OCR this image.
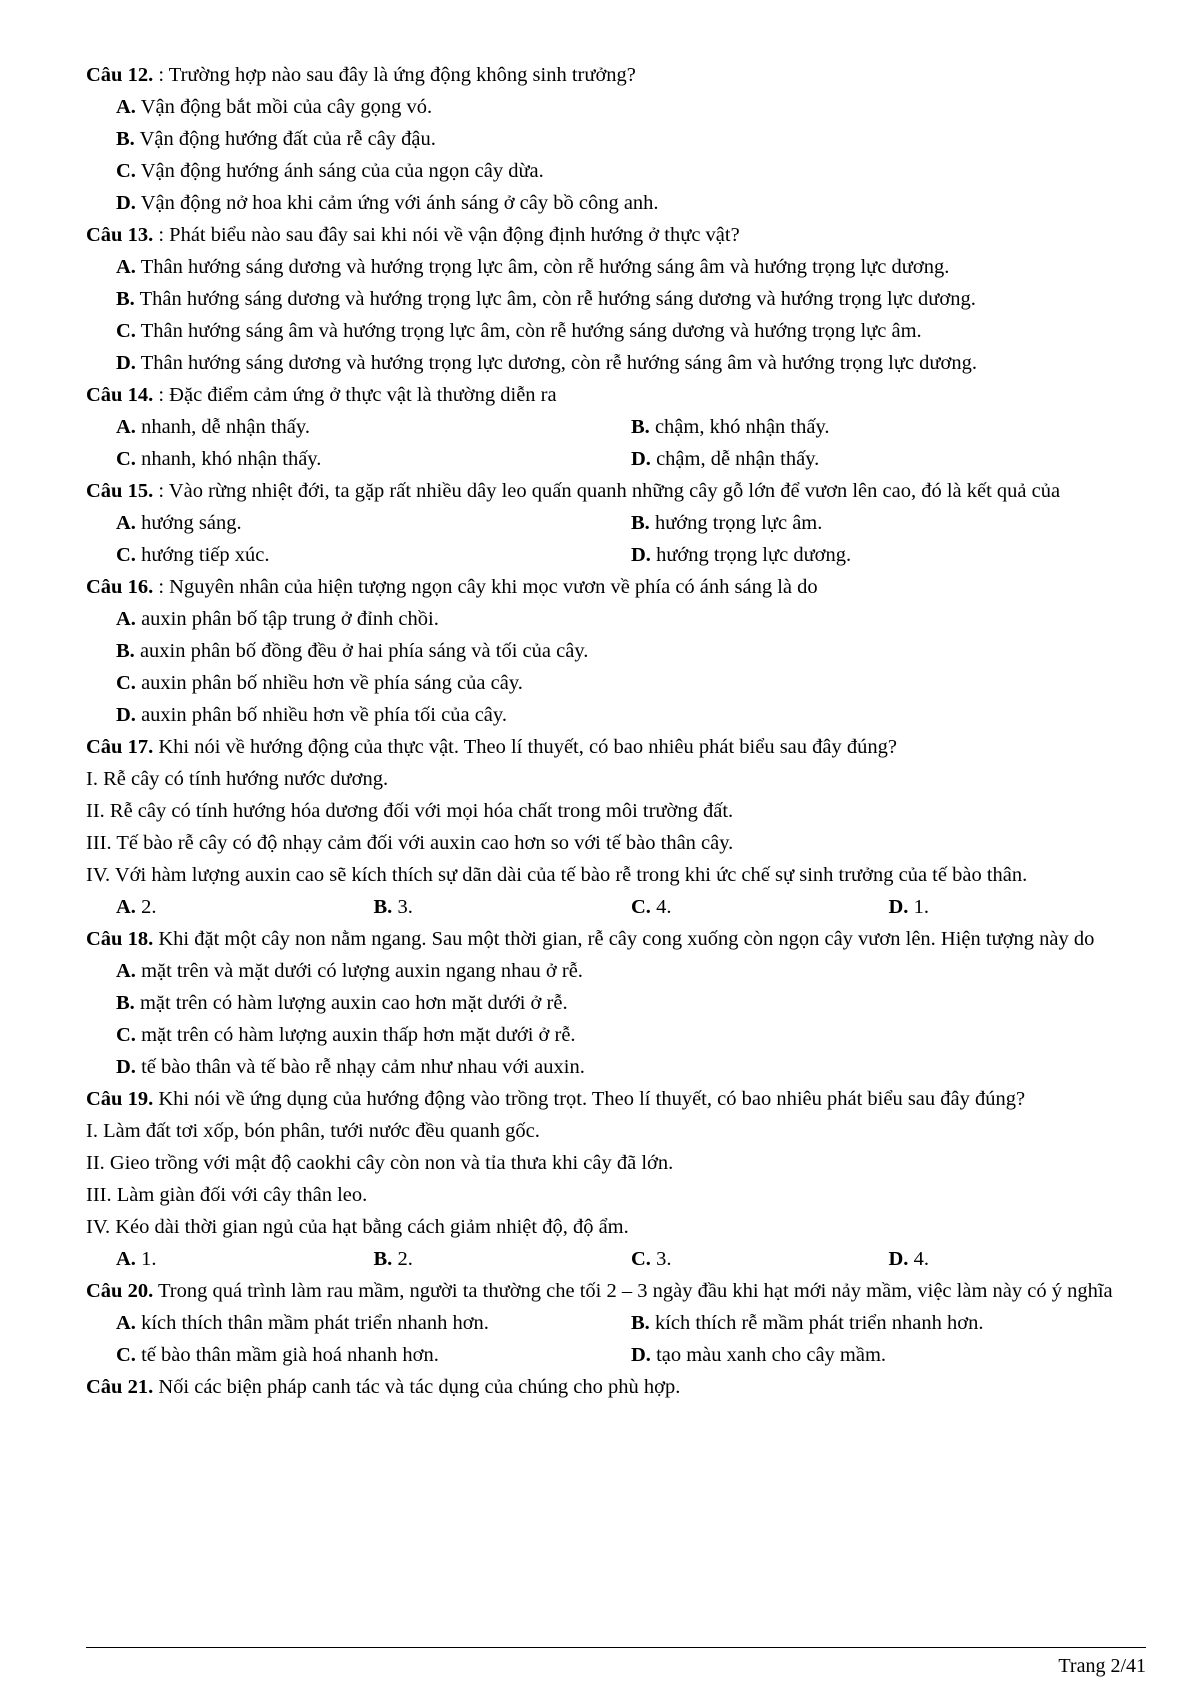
Câu 12. : Trường hợp nào sau đây là ứng động không sinh trưởng?
A. Vận động bắt mồi của cây gọng vó.
B. Vận động hướng đất của rễ cây đậu.
C. Vận động hướng ánh sáng của của ngọn cây dừa.
D. Vận động nở hoa khi cảm ứng với ánh sáng ở cây bồ công anh.
Câu 13. : Phát biểu nào sau đây sai khi nói về vận động định hướng ở thực vật?
A. Thân hướng sáng dương và hướng trọng lực âm, còn rễ hướng sáng âm và hướng trọng lực dương.
B. Thân hướng sáng dương và hướng trọng lực âm, còn rễ hướng sáng dương và hướng trọng lực dương.
C. Thân hướng sáng âm và hướng trọng lực âm, còn rễ hướng sáng dương và hướng trọng lực âm.
D. Thân hướng sáng dương và hướng trọng lực dương, còn rễ hướng sáng âm và hướng trọng lực dương.
Câu 14. : Đặc điểm cảm ứng ở thực vật là thường diễn ra
A. nhanh, dễ nhận thấy.	B. chậm, khó nhận thấy.
C. nhanh, khó nhận thấy.	D. chậm, dễ nhận thấy.
Câu 15. : Vào rừng nhiệt đới, ta gặp rất nhiều dây leo quấn quanh những cây gỗ lớn để vươn lên cao, đó là kết quả của
A. hướng sáng.	B. hướng trọng lực âm.
C. hướng tiếp xúc.	D. hướng trọng lực dương.
Câu 16. : Nguyên nhân của hiện tượng ngọn cây khi mọc vươn về phía có ánh sáng là do
A. auxin phân bố tập trung ở đỉnh chồi.
B. auxin phân bố đồng đều ở hai phía sáng và tối của cây.
C. auxin phân bố nhiều hơn về phía sáng của cây.
D. auxin phân bố nhiều hơn về phía tối của cây.
Câu 17. Khi nói về hướng động của thực vật. Theo lí thuyết, có bao nhiêu phát biểu sau đây đúng?
I. Rễ cây có tính hướng nước dương.
II. Rễ cây có tính hướng hóa dương đối với mọi hóa chất trong môi trường đất.
III. Tế bào rễ cây có độ nhạy cảm đối với auxin cao hơn so với tế bào thân cây.
IV. Với hàm lượng auxin cao sẽ kích thích sự dãn dài của tế bào rễ trong khi ức chế sự sinh trưởng của tế bào thân.
A. 2.	B. 3.	C. 4.	D. 1.
Câu 18. Khi đặt một cây non nằm ngang. Sau một thời gian, rễ cây cong xuống còn ngọn cây vươn lên. Hiện tượng này do
A. mặt trên và mặt dưới có lượng auxin ngang nhau ở rễ.
B. mặt trên có hàm lượng auxin cao hơn mặt dưới ở rễ.
C. mặt trên có hàm lượng auxin thấp hơn mặt dưới ở rễ.
D. tế bào thân và tế bào rễ nhạy cảm như nhau với auxin.
Câu 19. Khi nói về ứng dụng của hướng động vào trồng trọt. Theo lí thuyết, có bao nhiêu phát biểu sau đây đúng?
I. Làm đất tơi xốp, bón phân, tưới nước đều quanh gốc.
II. Gieo trồng với mật độ caokhi cây còn non và tỉa thưa khi cây đã lớn.
III. Làm giàn đối với cây thân leo.
IV. Kéo dài thời gian ngủ của hạt bằng cách giảm nhiệt độ, độ ẩm.
A. 1.	B. 2.	C. 3.	D. 4.
Câu 20. Trong quá trình làm rau mầm, người ta thường che tối 2 – 3 ngày đầu khi hạt mới nảy mầm, việc làm này có ý nghĩa
A. kích thích thân mầm phát triển nhanh hơn.	B. kích thích rễ mầm phát triển nhanh hơn.
C. tế bào thân mầm già hoá nhanh hơn.	D. tạo màu xanh cho cây mầm.
Câu 21. Nối các biện pháp canh tác và tác dụng của chúng cho phù hợp.
Trang 2/41
